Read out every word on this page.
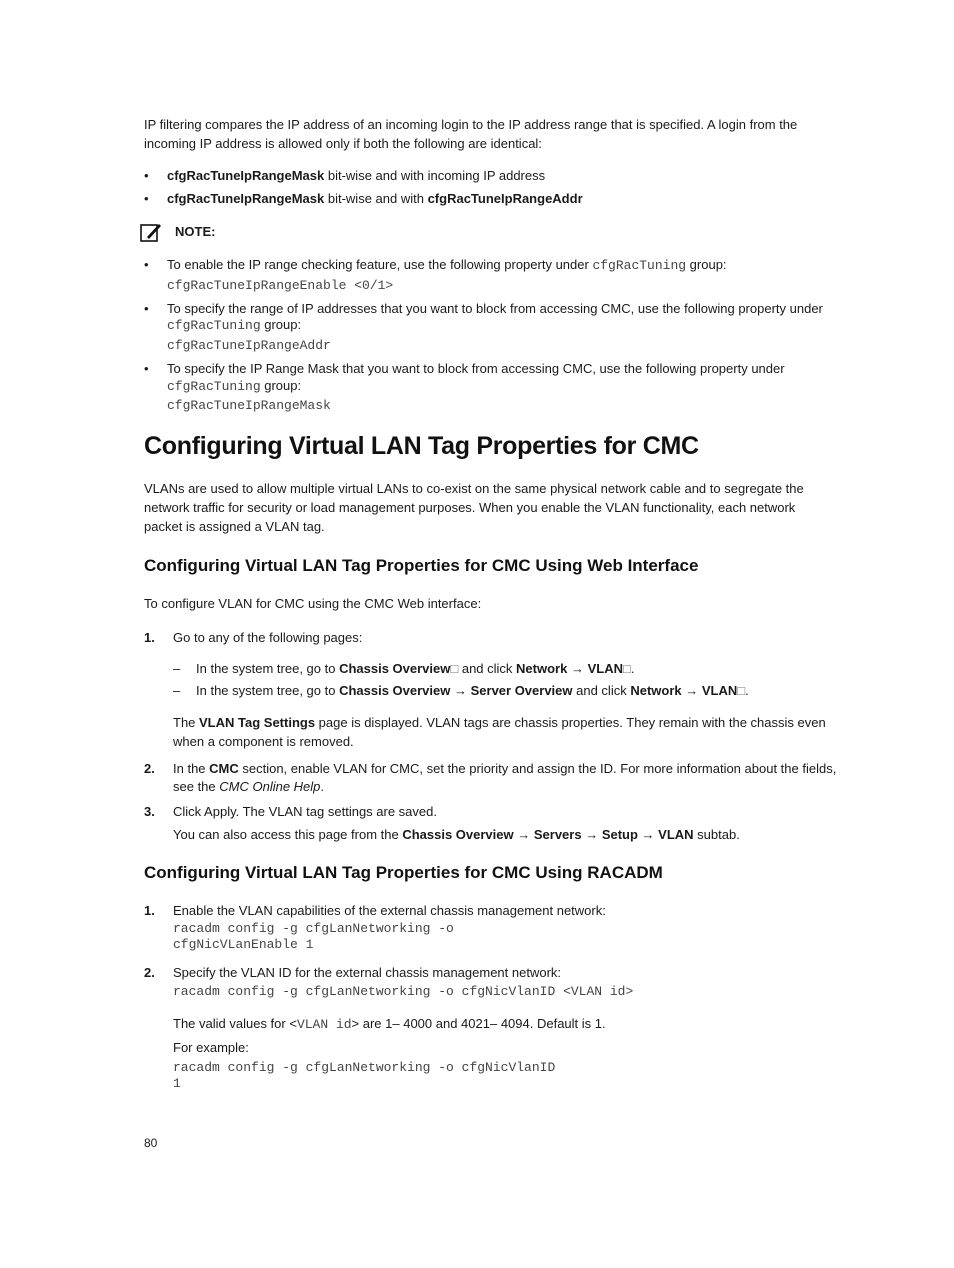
IP filtering compares the IP address of an incoming login to the IP address range that is specified. A login from the
incoming IP address is allowed only if both the following are identical:
• cfgRacTuneIpRangeMask bit-wise and with incoming IP address
• cfgRacTuneIpRangeMask bit-wise and with cfgRacTuneIpRangeAddr
NOTE:
• To enable the IP range checking feature, use the following property under cfgRacTuning group:
cfgRacTuneIpRangeEnable <0/1>
• To specify the range of IP addresses that you want to block from accessing CMC, use the following property under
cfgRacTuning group:
cfgRacTuneIpRangeAddr
• To specify the IP Range Mask that you want to block from accessing CMC, use the following property under
cfgRacTuning group:
cfgRacTuneIpRangeMask
Configuring Virtual LAN Tag Properties for CMC
VLANs are used to allow multiple virtual LANs to co-exist on the same physical network cable and to segregate the
network traffic for security or load management purposes. When you enable the VLAN functionality, each network
packet is assigned a VLAN tag.
Configuring Virtual LAN Tag Properties for CMC Using Web Interface
To configure VLAN for CMC using the CMC Web interface:
1. Go to any of the following pages:
– In the system tree, go to Chassis Overview□ and click Network → VLAN□.
– In the system tree, go to Chassis Overview → Server Overview and click Network → VLAN□.
The VLAN Tag Settings page is displayed. VLAN tags are chassis properties. They remain with the chassis even
when a component is removed.
2. In the CMC section, enable VLAN for CMC, set the priority and assign the ID. For more information about the fields,
see the CMC Online Help.
3. Click Apply. The VLAN tag settings are saved.
You can also access this page from the Chassis Overview → Servers → Setup → VLAN subtab.
Configuring Virtual LAN Tag Properties for CMC Using RACADM
1. Enable the VLAN capabilities of the external chassis management network:
racadm config -g cfgLanNetworking -o
cfgNicVLanEnable 1
2. Specify the VLAN ID for the external chassis management network:
racadm config -g cfgLanNetworking -o cfgNicVlanID <VLAN id>
The valid values for <VLAN id> are 1– 4000 and 4021– 4094. Default is 1.
For example:
racadm config -g cfgLanNetworking -o cfgNicVlanID
1
80
